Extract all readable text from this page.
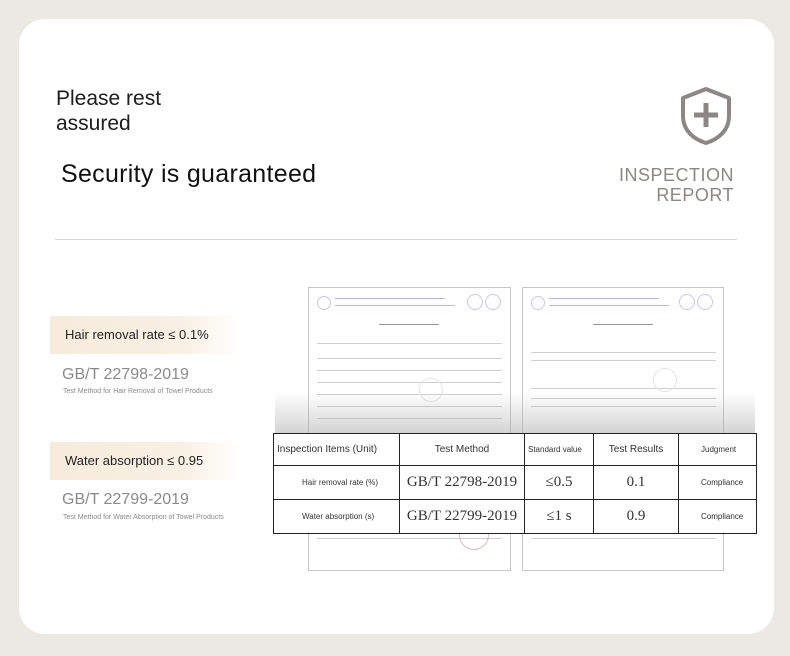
Please rest
assured
Security is guaranteed	INSPECTION
REPORT
Hair removal rate ≤ 0.1%
GB/T 22798-2019
Test Method for Hair Removal of Towel Products
Water absorption ≤ 0.95
GB/T 22799-2019
Test Method for Water Absorption of Towel Products
Inspection Items (Unit)	Test Method	Standard value	Test Results	Judgment
Hair removal rate (%)	GB/T 22798-2019	≤0.5	0.1	Compliance
Water absorption (s)	GB/T 22799-2019	≤1 s	0.9	Compliance
